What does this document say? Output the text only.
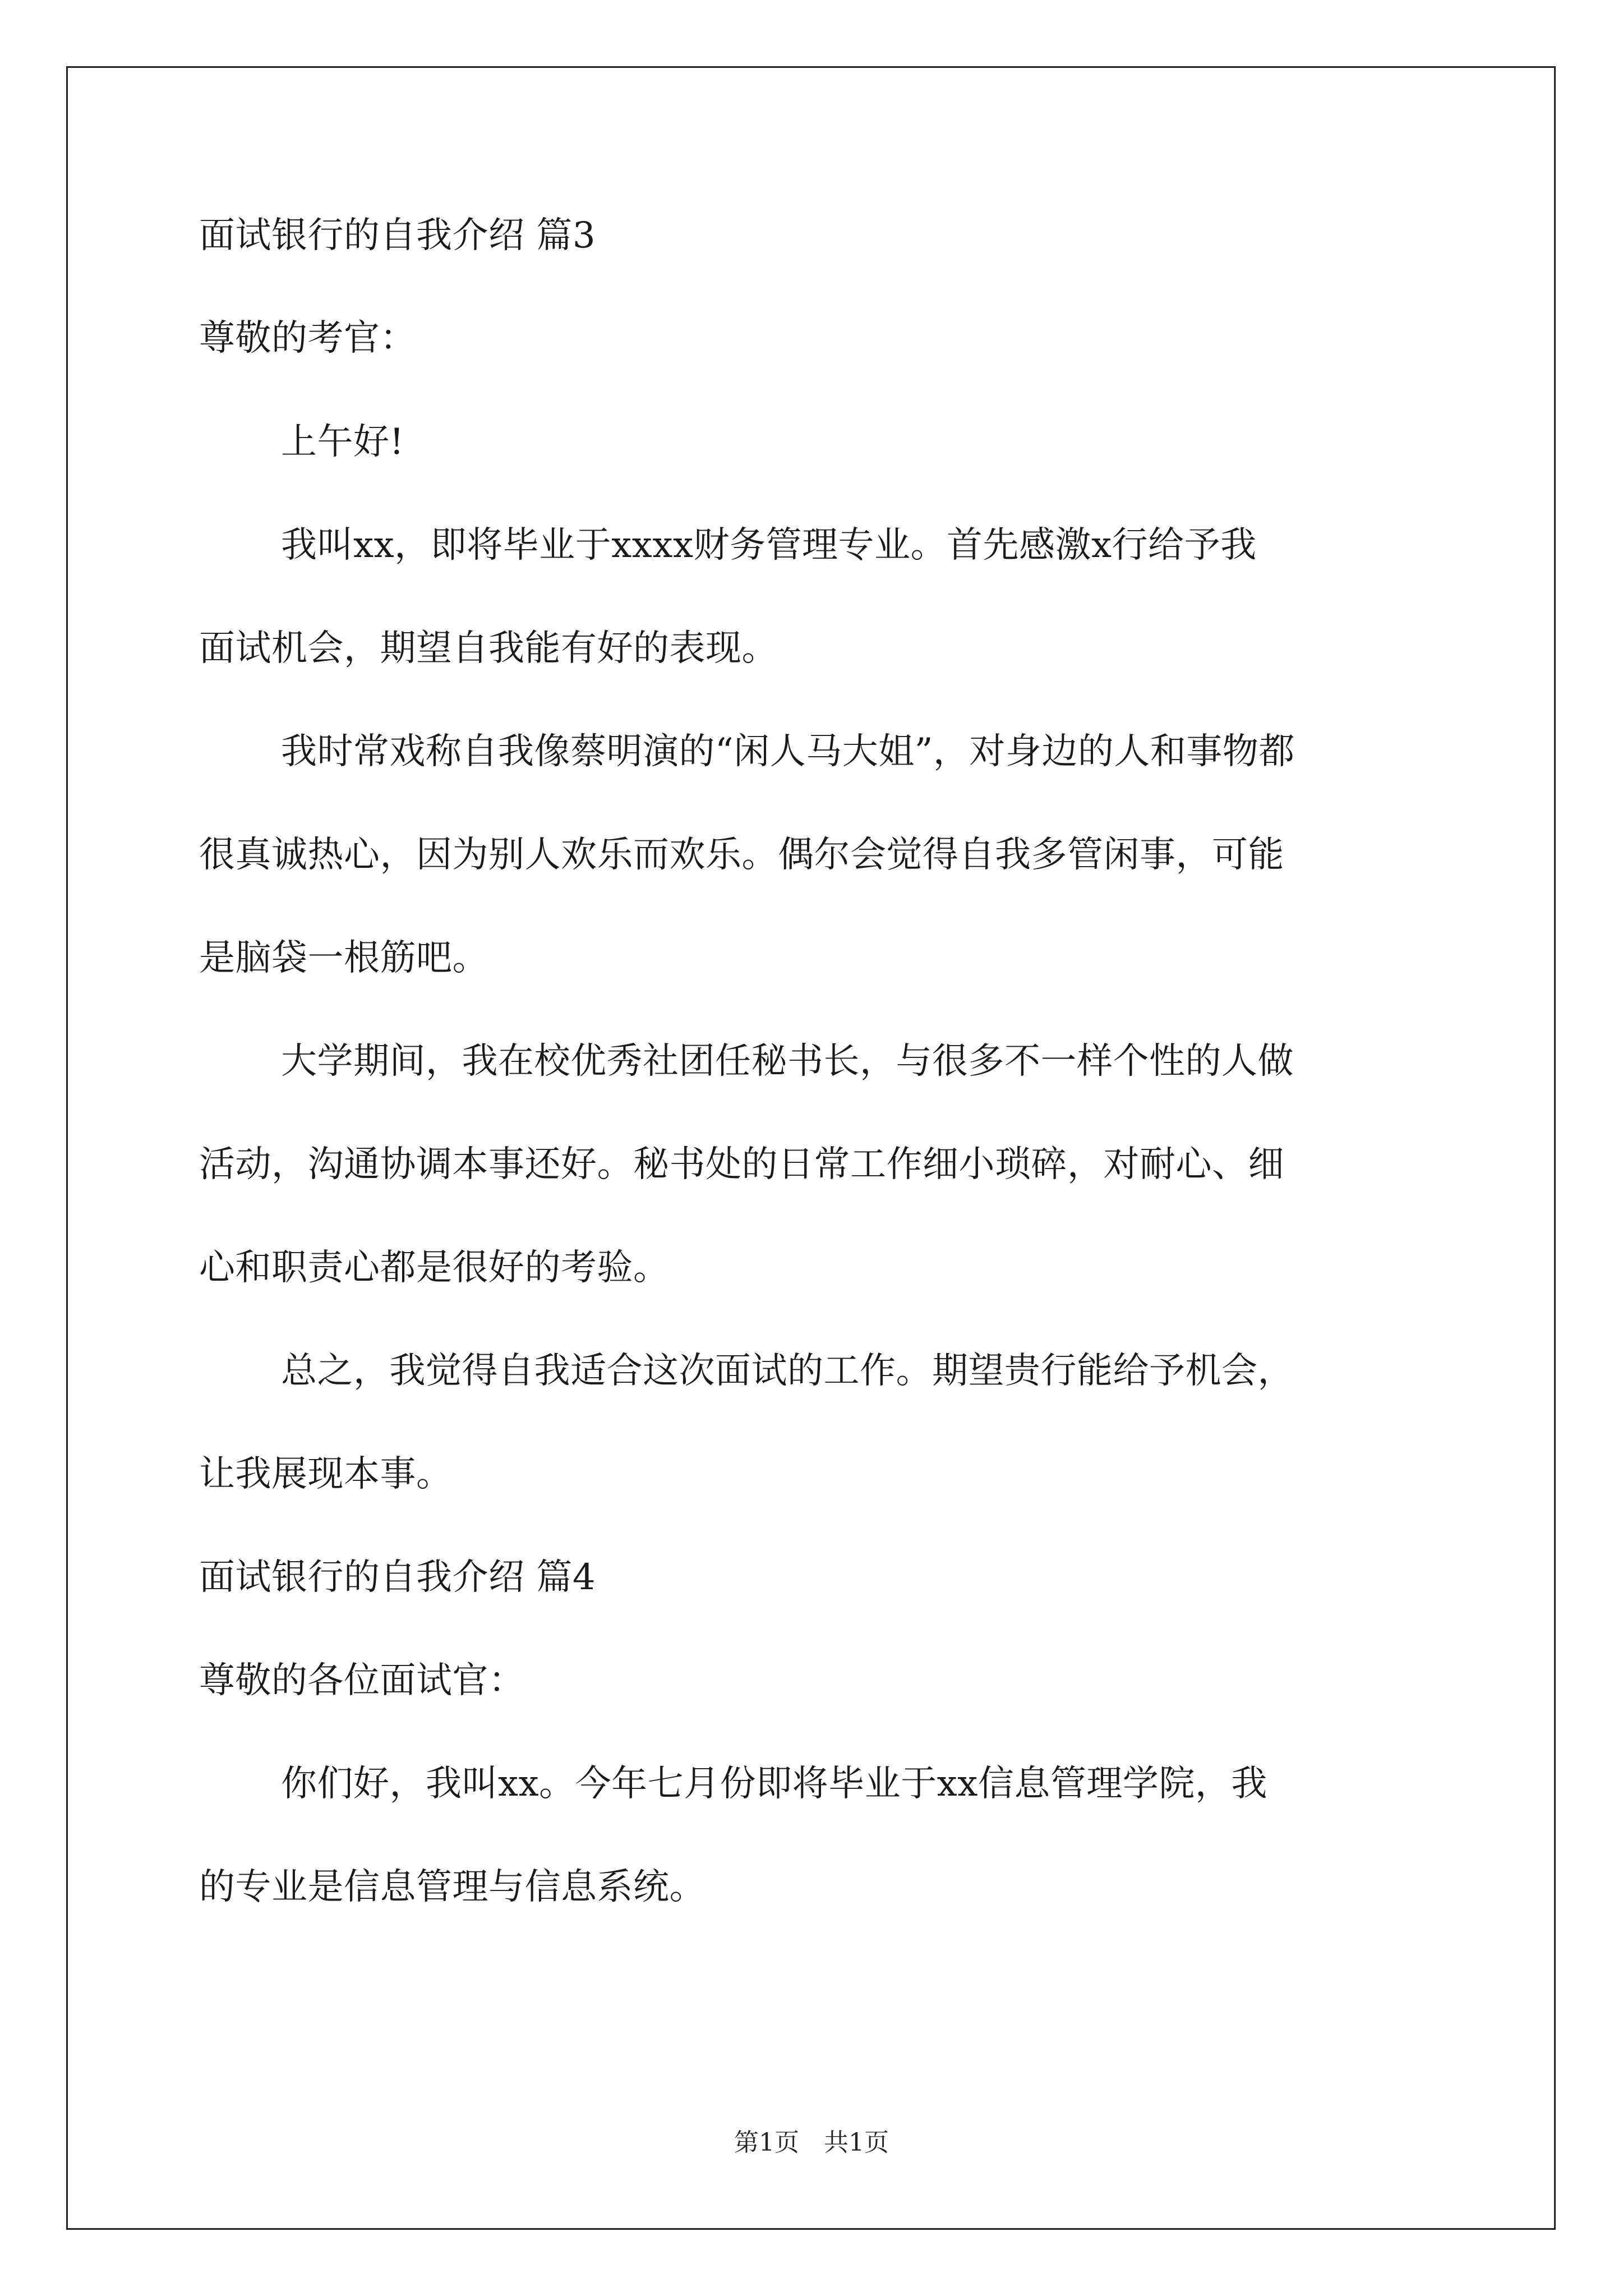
面试银行的自我介绍 篇3
尊敬的考官：
上午好!
我叫xx，即将毕业于xxxx财务管理专业。首先感激x行给予我
面试机会，期望自我能有好的表现。
我时常戏称自我像蔡明演的“闲人马大姐”，对身边的人和事物都
很真诚热心，因为别人欢乐而欢乐。偶尔会觉得自我多管闲事，可能
是脑袋一根筋吧。
大学期间，我在校优秀社团任秘书长，与很多不一样个性的人做
活动，沟通协调本事还好。秘书处的日常工作细小琐碎，对耐心、细
心和职责心都是很好的考验。
总之，我觉得自我适合这次面试的工作。期望贵行能给予机会，
让我展现本事。
面试银行的自我介绍 篇4
尊敬的各位面试官：
你们好，我叫xx。今年七月份即将毕业于xx信息管理学院，我
的专业是信息管理与信息系统。
第1页　共1页
